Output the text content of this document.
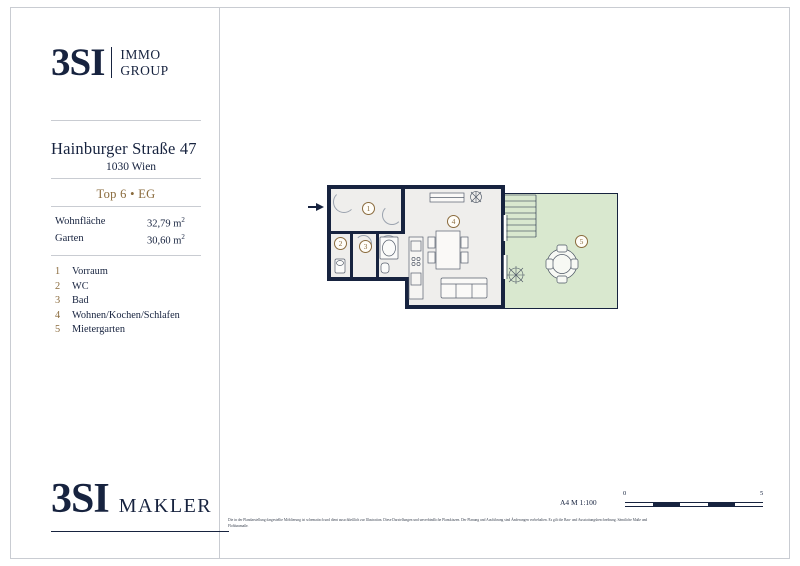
3SI	IMMO
GROUP
Hainburger Straße 47
1030 Wien
Top 6 • EG
Wohnfläche	32,79 $m^2$
Garten	30,60 $m^2$
1	Vorraum
2	WC
3	Bad
4	Wohnen/Kochen/Schlafen
5	Mietergarten
3SI MAKLER
Die in der Plandarstellung dargestellte Möblierung ist schematisch und dient ausschließlich zur Illustration. Diese Darstellungen und unverbindliche Planskizzen. Der Planung und Ausführung sind Änderungen vorbehalten. Es gilt die Bau- und Ausstattungsbeschreibung. Sämtliche Maße und Flohbaumaße.
A4 M 1:100
0	5
1
2	3
4
5
